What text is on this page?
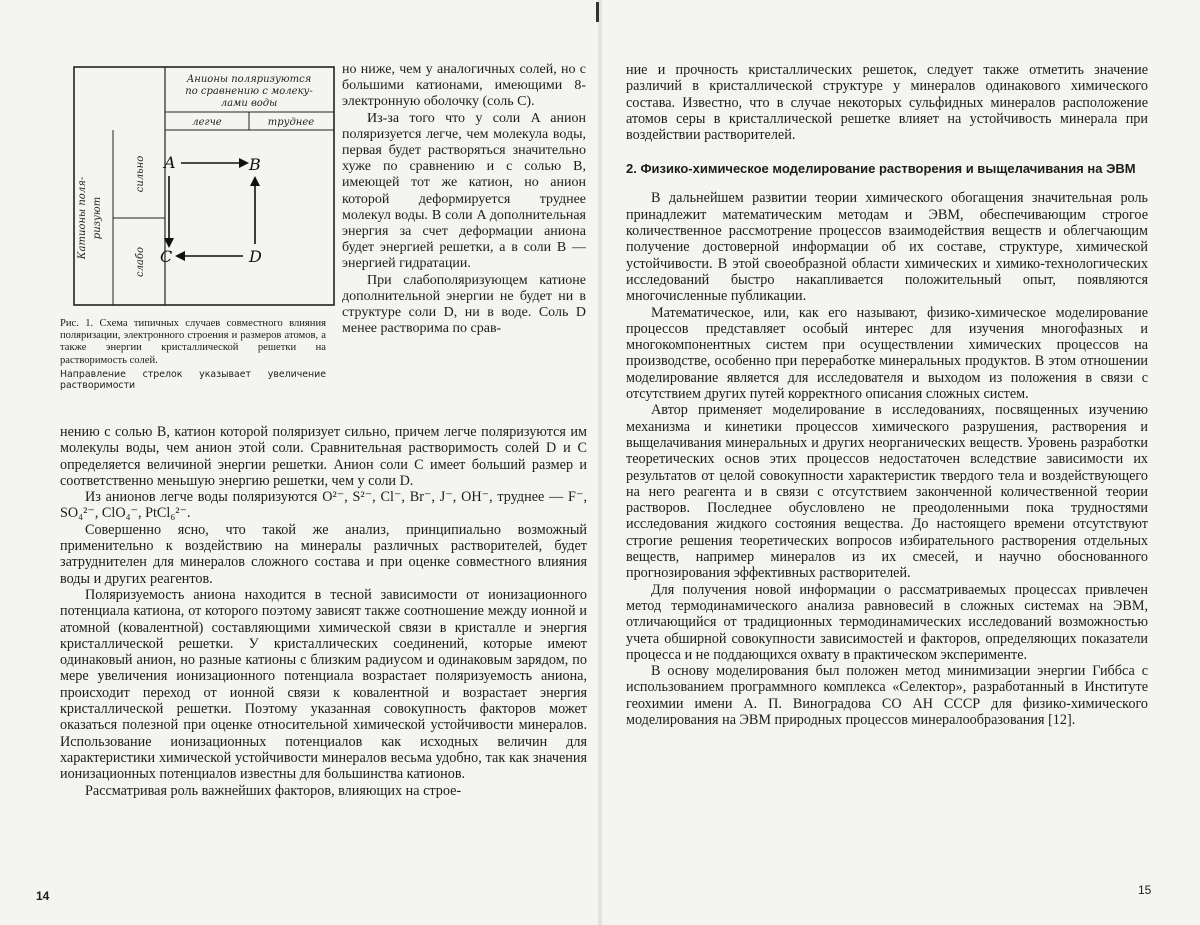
Анионы поляризуются
по сравнению с молеку-
лами воды
легче	труднее
Катионы поля- ризуют
сильно
слабо
A	B
C	D

Рис. 1. Схема типичных случаев совместного влияния поляризации, электронного строения и размеров атомов, а также энергии кристаллической решетки на растворимость солей.

Направление стрелок указывает увеличение растворимости

но ниже, чем у аналогичных солей, но с большими катионами, имеющими 8-электронную оболочку (соль C).

Из-за того что у соли A анион поляризуется легче, чем молекула воды, первая будет растворяться значительно хуже по сравнению и с солью B, имеющей тот же катион, но анион которой деформируется труднее молекул воды. В соли A дополнительная энергия за счет деформации аниона будет энергией решетки, а в соли B — энергией гидратации.

При слабополяризующем катионе дополнительной энергии не будет ни в структуре соли D, ни в воде. Соль D менее растворима по срав-

нению с солью B, катион которой поляризует сильно, причем легче поляризуются им молекулы воды, чем анион этой соли. Сравнительная растворимость солей D и C определяется величиной энергии решетки. Анион соли C имеет больший размер и соответственно меньшую энергию решетки, чем у соли D.

Из анионов легче воды поляризуются O²⁻, S²⁻, Cl⁻, Br⁻, J⁻, OH⁻, труднее — F⁻, SO₄²⁻, ClO₄⁻, PtCl₆²⁻.

Совершенно ясно, что такой же анализ, принципиально возможный применительно к воздействию на минералы различных растворителей, будет затруднителен для минералов сложного состава и при оценке совместного влияния воды и других реагентов.

Поляризуемость аниона находится в тесной зависимости от ионизационного потенциала катиона, от которого поэтому зависят также соотношение между ионной и атомной (ковалентной) составляющими химической связи в кристалле и энергия кристаллической решетки. У кристаллических соединений, которые имеют одинаковый анион, но разные катионы с близким радиусом и одинаковым зарядом, по мере увеличения ионизационного потенциала возрастает поляризуемость аниона, происходит переход от ионной связи к ковалентной и возрастает энергия кристаллической решетки. Поэтому указанная совокупность факторов может оказаться полезной при оценке относительной химической устойчивости минералов. Использование ионизационных потенциалов как исходных величин для характеристики химической устойчивости минералов весьма удобно, так как значения ионизационных потенциалов известны для большинства катионов.

Рассматривая роль важнейших факторов, влияющих на строе-

14

ние и прочность кристаллических решеток, следует также отметить значение различий в кристаллической структуре у минералов одинакового химического состава. Известно, что в случае некоторых сульфидных минералов расположение атомов серы в кристаллической решетке влияет на устойчивость минерала при воздействии растворителей.

2. Физико-химическое моделирование растворения и выщелачивания на ЭВМ

В дальнейшем развитии теории химического обогащения значительная роль принадлежит математическим методам и ЭВМ, обеспечивающим строгое количественное рассмотрение процессов взаимодействия веществ и облегчающим получение достоверной информации об их составе, структуре, химической устойчивости. В этой своеобразной области химических и химико-технологических исследований быстро накапливается положительный опыт, появляются многочисленные публикации.

Математическое, или, как его называют, физико-химическое моделирование процессов представляет особый интерес для изучения многофазных и многокомпонентных систем при осуществлении химических процессов на производстве, особенно при переработке минеральных продуктов. В этом отношении моделирование является для исследователя и выходом из положения в связи с отсутствием других путей корректного описания сложных систем.

Автор применяет моделирование в исследованиях, посвященных изучению механизма и кинетики процессов химического разрушения, растворения и выщелачивания минеральных и других неорганических веществ. Уровень разработки теоретических основ этих процессов недостаточен вследствие зависимости их результатов от целой совокупности характеристик твердого тела и воздействующего на него реагента и в связи с отсутствием законченной количественной теории растворов. Последнее обусловлено не преодоленными пока трудностями исследования жидкого состояния вещества. До настоящего времени отсутствуют строгие решения теоретических вопросов избирательного растворения отдельных веществ, например минералов из их смесей, и научно обоснованного прогнозирования эффективных растворителей.

Для получения новой информации о рассматриваемых процессах привлечен метод термодинамического анализа равновесий в сложных системах на ЭВМ, отличающийся от традиционных термодинамических исследований возможностью учета обширной совокупности зависимостей и факторов, определяющих показатели процесса и не поддающихся охвату в практическом эксперименте.

В основу моделирования был положен метод минимизации энергии Гиббса с использованием программного комплекса «Селектор», разработанный в Институте геохимии имени А. П. Виноградова СО АН СССР для физико-химического моделирования на ЭВМ природных процессов минералообразования [12].

15
